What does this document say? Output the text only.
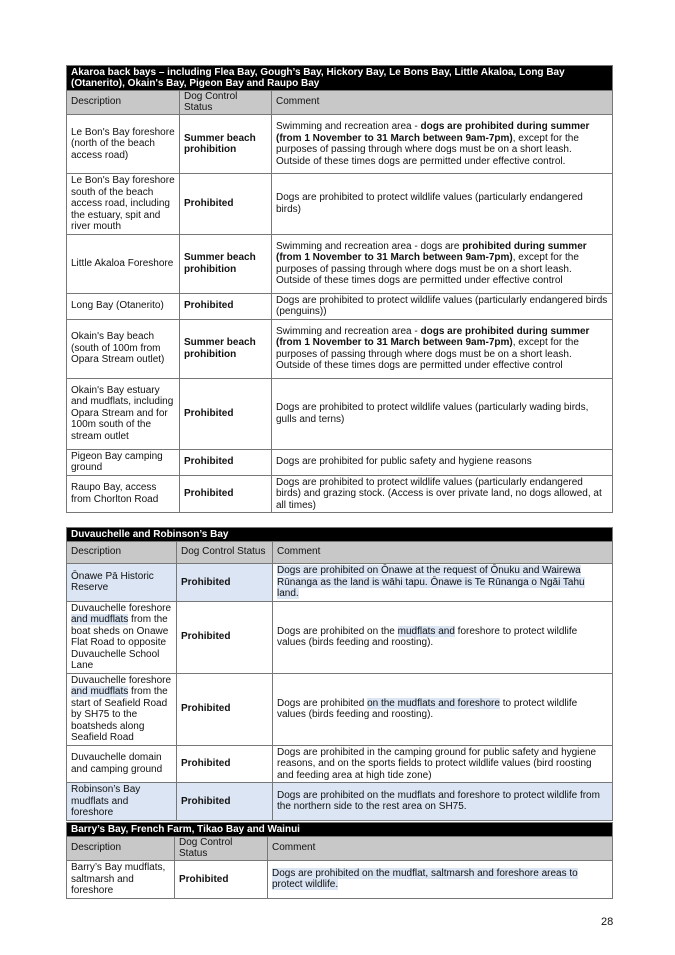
Akaroa back bays – including Flea Bay, Gough’s Bay, Hickory Bay, Le Bons Bay, Little Akaloa, Long Bay (Otanerito), Okain's Bay, Pigeon Bay and Raupo Bay		
Description	Dog Control Status	Comment
Le Bon's Bay foreshore (north of the beach access road)	Summer beach prohibition	Swimming and recreation area - dogs are prohibited during summer (from 1 November to 31 March between 9am-7pm), except for the purposes of passing through where dogs must be on a short leash. Outside of these times dogs are permitted under effective control.
Le Bon's Bay foreshore south of the beach access road, including the estuary, spit and river mouth	Prohibited	Dogs are prohibited to protect wildlife values (particularly endangered birds)
Little Akaloa Foreshore	Summer beach prohibition	Swimming and recreation area - dogs are prohibited during summer (from 1 November to 31 March between 9am-7pm), except for the purposes of passing through where dogs must be on a short leash. Outside of these times dogs are permitted under effective control
Long Bay (Otanerito)	Prohibited	Dogs are prohibited to protect wildlife values (particularly endangered birds (penguins))
Okain's Bay beach (south of 100m from Opara Stream outlet)	Summer beach prohibition	Swimming and recreation area - dogs are prohibited during summer (from 1 November to 31 March between 9am-7pm), except for the purposes of passing through where dogs must be on a short leash. Outside of these times dogs are permitted under effective control
Okain's Bay estuary and mudflats, including Opara Stream and for 100m south of the stream outlet	Prohibited	Dogs are prohibited to protect wildlife values (particularly wading birds, gulls and terns)
Pigeon Bay camping ground	Prohibited	Dogs are prohibited for public safety and hygiene reasons
Raupo Bay, access from Chorlton Road	Prohibited	Dogs are prohibited to protect wildlife values (particularly endangered birds) and grazing stock. (Access is over private land, no dogs allowed, at all times)
Duvauchelle and Robinson’s Bay		
Description	Dog Control Status	Comment
Ōnawe Pā Historic Reserve	Prohibited	Dogs are prohibited on Ōnawe at the request of Ōnuku and Wairewa Rūnanga as the land is wāhi tapu. Ōnawe is Te Rūnanga o Ngāi Tahu land.
Duvauchelle foreshore and mudflats from the boat sheds on Onawe Flat Road to opposite Duvauchelle School Lane	Prohibited	Dogs are prohibited on the mudflats and foreshore to protect wildlife values (birds feeding and roosting).
Duvauchelle foreshore and mudflats from the start of Seafield Road by SH75 to the boatsheds along Seafield Road	Prohibited	Dogs are prohibited on the mudflats and foreshore to protect wildlife values (birds feeding and roosting).
Duvauchelle domain and camping ground	Prohibited	Dogs are prohibited in the camping ground for public safety and hygiene reasons, and on the sports fields to protect wildlife values (bird roosting and feeding area at high tide zone)
Robinson’s Bay mudflats and foreshore	Prohibited	Dogs are prohibited on the mudflats and foreshore to protect wildlife from the northern side to the rest area on SH75.
Barry’s Bay, French Farm, Tikao Bay and Wainui		
Description	Dog Control Status	Comment
Barry’s Bay mudflats, saltmarsh and foreshore	Prohibited	Dogs are prohibited on the mudflat, saltmarsh and foreshore areas to protect wildlife.
28
